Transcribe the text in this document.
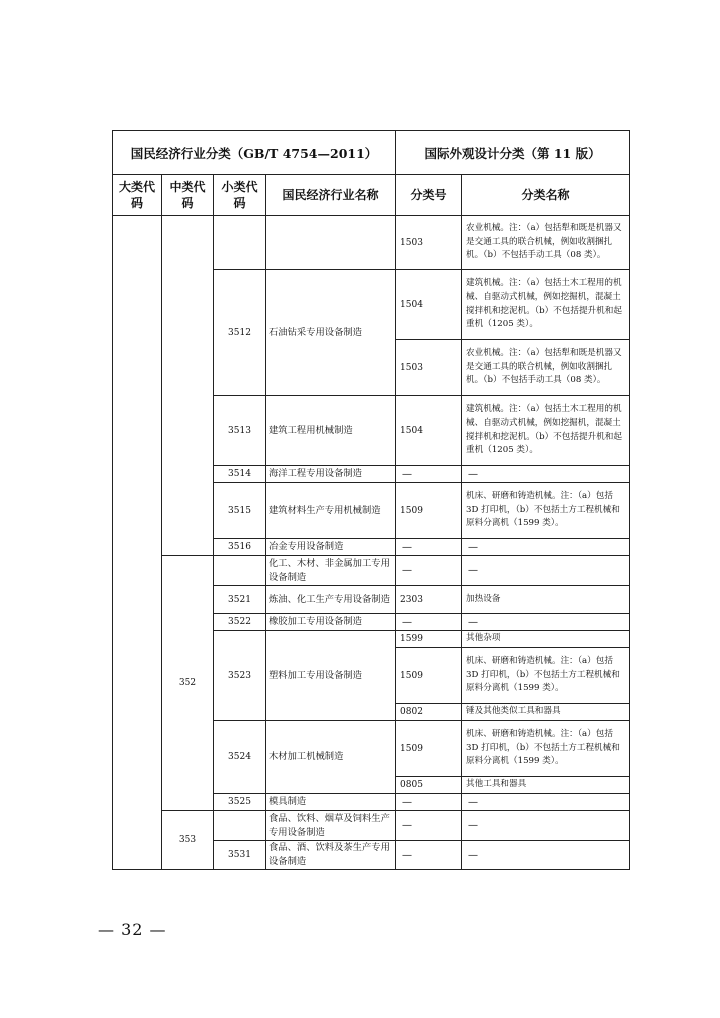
国民经济行业分类（GB/T 4754—2011）				国际外观设计分类（第 11 版）	
大类代码	中类代码	小类代码	国民经济行业名称	分类号	分类名称
				1503	农业机械。注：（a）包括犁和既是机器又是交通工具的联合机械，例如收割捆扎机。（b）不包括手动工具（08 类）。
		3512	石油钻采专用设备制造	1504	建筑机械。注：（a）包括土木工程用的机械、自驱动式机械，例如挖掘机，混凝土搅拌机和挖泥机。（b）不包括提升机和起重机（1205 类）。
				1503	农业机械。注：（a）包括犁和既是机器又是交通工具的联合机械，例如收割捆扎机。（b）不包括手动工具（08 类）。
		3513	建筑工程用机械制造	1504	建筑机械。注：（a）包括土木工程用的机械、自驱动式机械，例如挖掘机，混凝土搅拌机和挖泥机。（b）不包括提升机和起重机（1205 类）。
		3514	海洋工程专用设备制造	—	—
		3515	建筑材料生产专用机械制造	1509	机床、研磨和铸造机械。注：（a）包括 3D 打印机，（b）不包括土方工程机械和原料分离机（1599 类）。
		3516	冶金专用设备制造	—	—
	352		化工、木材、非金属加工专用设备制造	—	—
		3521	炼油、化工生产专用设备制造	2303	加热设备
		3522	橡胶加工专用设备制造	—	—
		3523	塑料加工专用设备制造	1599	其他杂项
				1509	机床、研磨和铸造机械。注：（a）包括 3D 打印机，（b）不包括土方工程机械和原料分离机（1599 类）。
				0802	锤及其他类似工具和器具
		3524	木材加工机械制造	1509	机床、研磨和铸造机械。注：（a）包括 3D 打印机，（b）不包括土方工程机械和原料分离机（1599 类）。
				0805	其他工具和器具
		3525	模具制造	—	—
	353		食品、饮料、烟草及饲料生产专用设备制造	—	—
		3531	食品、酒、饮料及茶生产专用设备制造	—	—
— 32 —
